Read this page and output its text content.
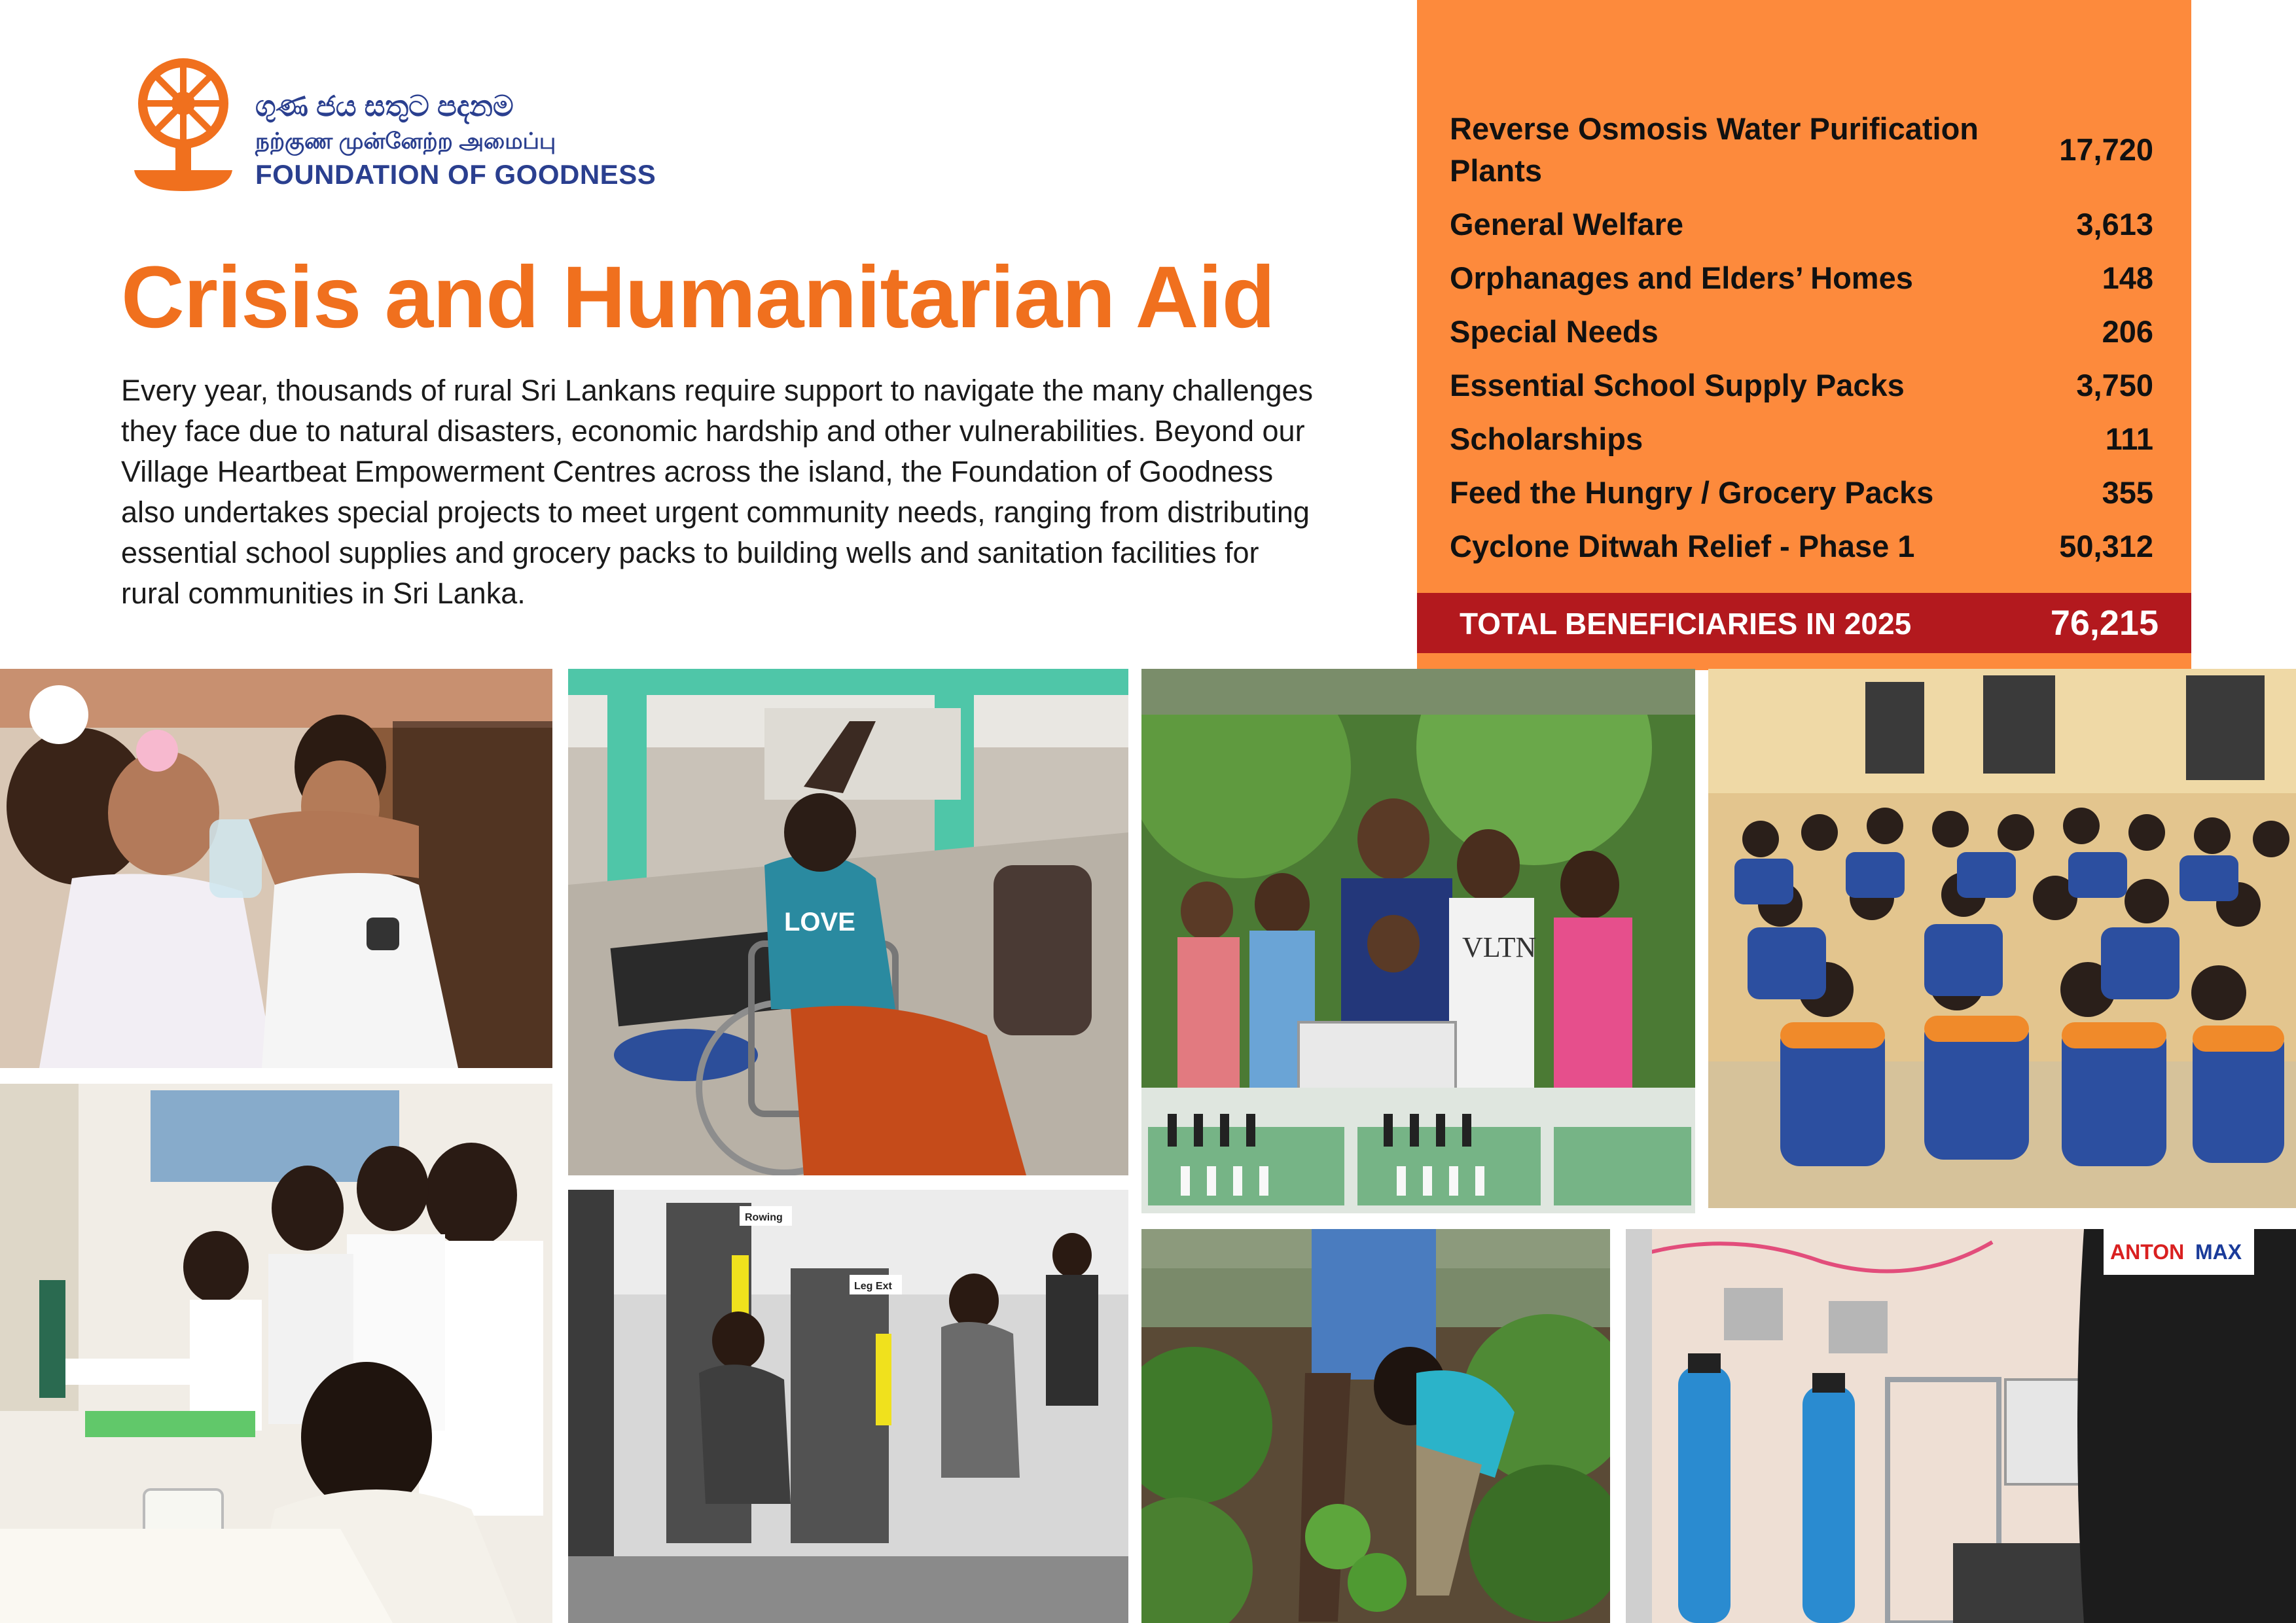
ගුණ ජය සතුට පදනම
நற்குண முன்னேற்ற அமைப்பு
FOUNDATION OF GOODNESS
Crisis and Humanitarian Aid

Every year, thousands of rural Sri Lankans require support to navigate the many challenges they face due to natural disasters, economic hardship and other vulnerabilities. Beyond our Village Heartbeat Empowerment Centres across the island, the Foundation of Goodness also undertakes special projects to meet urgent community needs, ranging from distributing essential school supplies and grocery packs to building wells and sanitation facilities for rural communities in Sri Lanka.

Reverse Osmosis Water Purification Plants
17,720
General Welfare	3,613
Orphanages and Elders’ Homes	148
Special Needs	206
Essential School Supply Packs	3,750
Scholarships	111
Feed the Hungry / Grocery Packs	355
Cyclone Ditwah Relief - Phase 1	50,312
TOTAL BENEFICIARIES IN 2025	76,215
LOVE
VLTN
Rowing
Leg Ext
ANTON MAX
